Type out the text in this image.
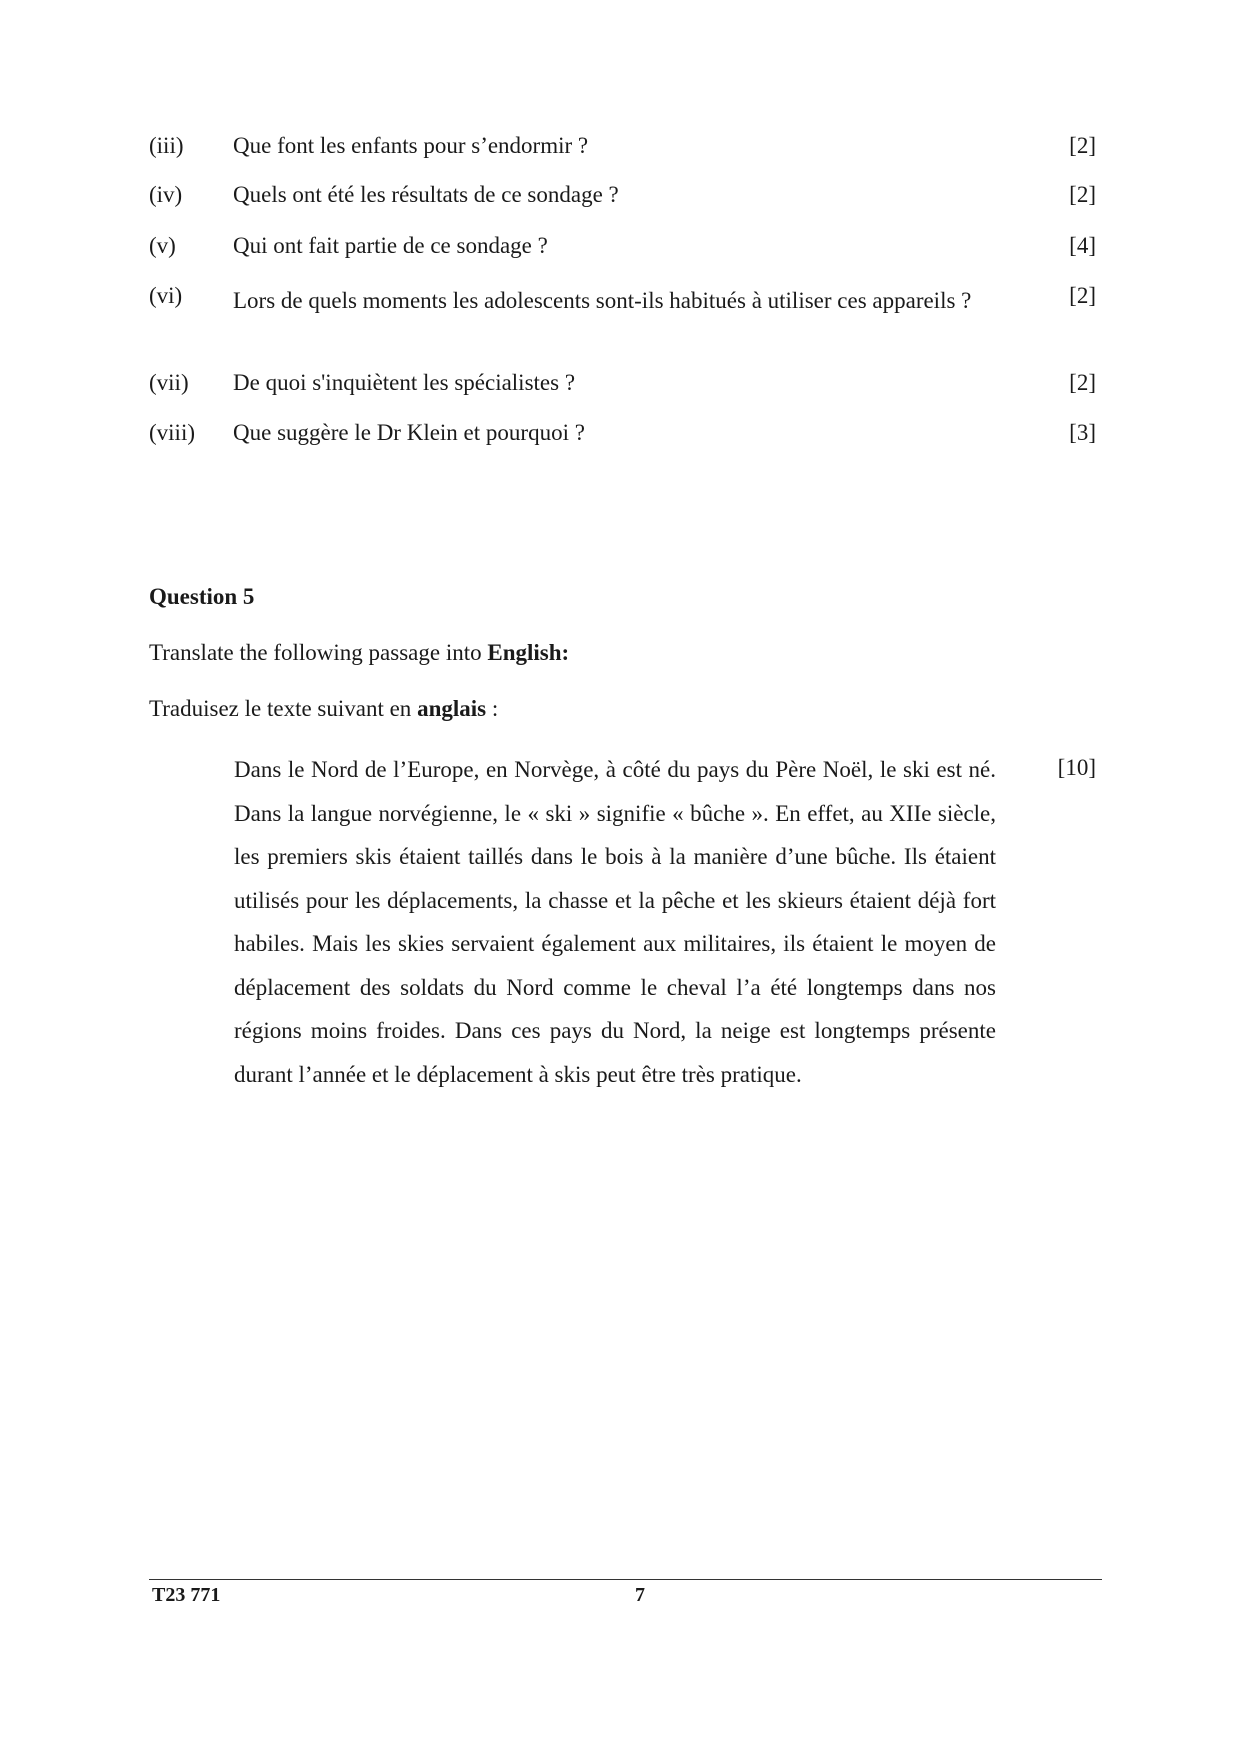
(iii) Que font les enfants pour s’endormir ?	[2]
(iv) Quels ont été les résultats de ce sondage ?	[2]
(v) Qui ont fait partie de ce sondage ?	[4]
(vi) Lors de quels moments les adolescents sont-ils habitués à utiliser ces appareils ?	[2]
(vii) De quoi s'inquiètent les spécialistes ?	[2]
(viii) Que suggère le Dr Klein et pourquoi ?	[3]
Question 5
Translate the following passage into English:
Traduisez le texte suivant en anglais :
Dans le Nord de l’Europe, en Norvège, à côté du pays du Père Noël, le ski est né. Dans la langue norvégienne, le « ski » signifie « bûche ». En effet, au XIIe siècle, les premiers skis étaient taillés dans le bois à la manière d’une bûche. Ils étaient utilisés pour les déplacements, la chasse et la pêche et les skieurs étaient déjà fort habiles. Mais les skies servaient également aux militaires, ils étaient le moyen de déplacement des soldats du Nord comme le cheval l’a été longtemps dans nos régions moins froides. Dans ces pays du Nord, la neige est longtemps présente durant l’année et le déplacement à skis peut être très pratique.
[10]
T23 771	7
